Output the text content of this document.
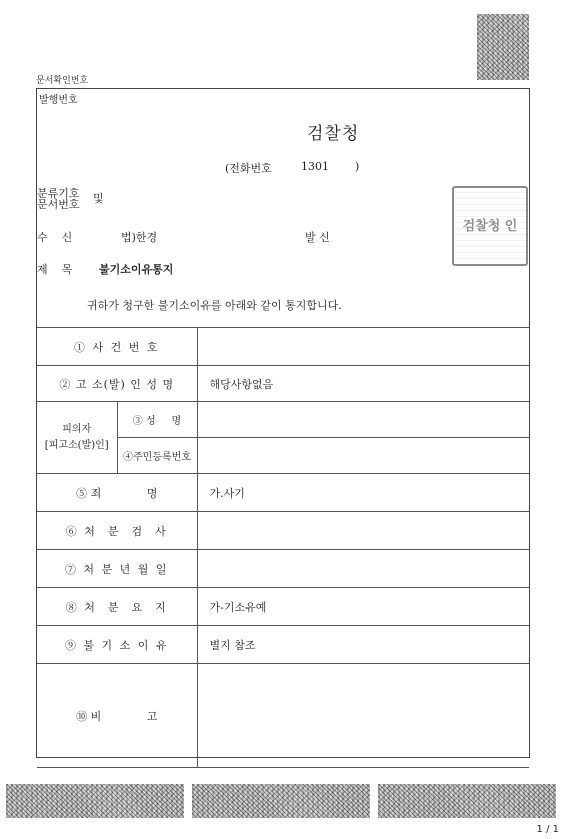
문서확인번호
발행번호
검찰청
(전화번호	1301 )
분류기호
문서번호 및
수    신	법)한경	발 신
제    목 불기소이유통지
귀하가 청구한 불기소이유를 아래와 같이 통지합니다.
① 사 건 번 호		
② 고 소(발) 인 성 명		해당사항없음

피의자
[피고소(발)인]	③ 성     명	
	④주민등록번호	
⑤ 죄             명		가.사기
⑥ 처  분  검  사		
⑦ 처 분 년 월 일		
⑧ 처  분  요  지		가-기소유예
⑨ 불 기 소 이 유		별지 참조
⑩ 비             고		
검찰청 인
1 / 1
